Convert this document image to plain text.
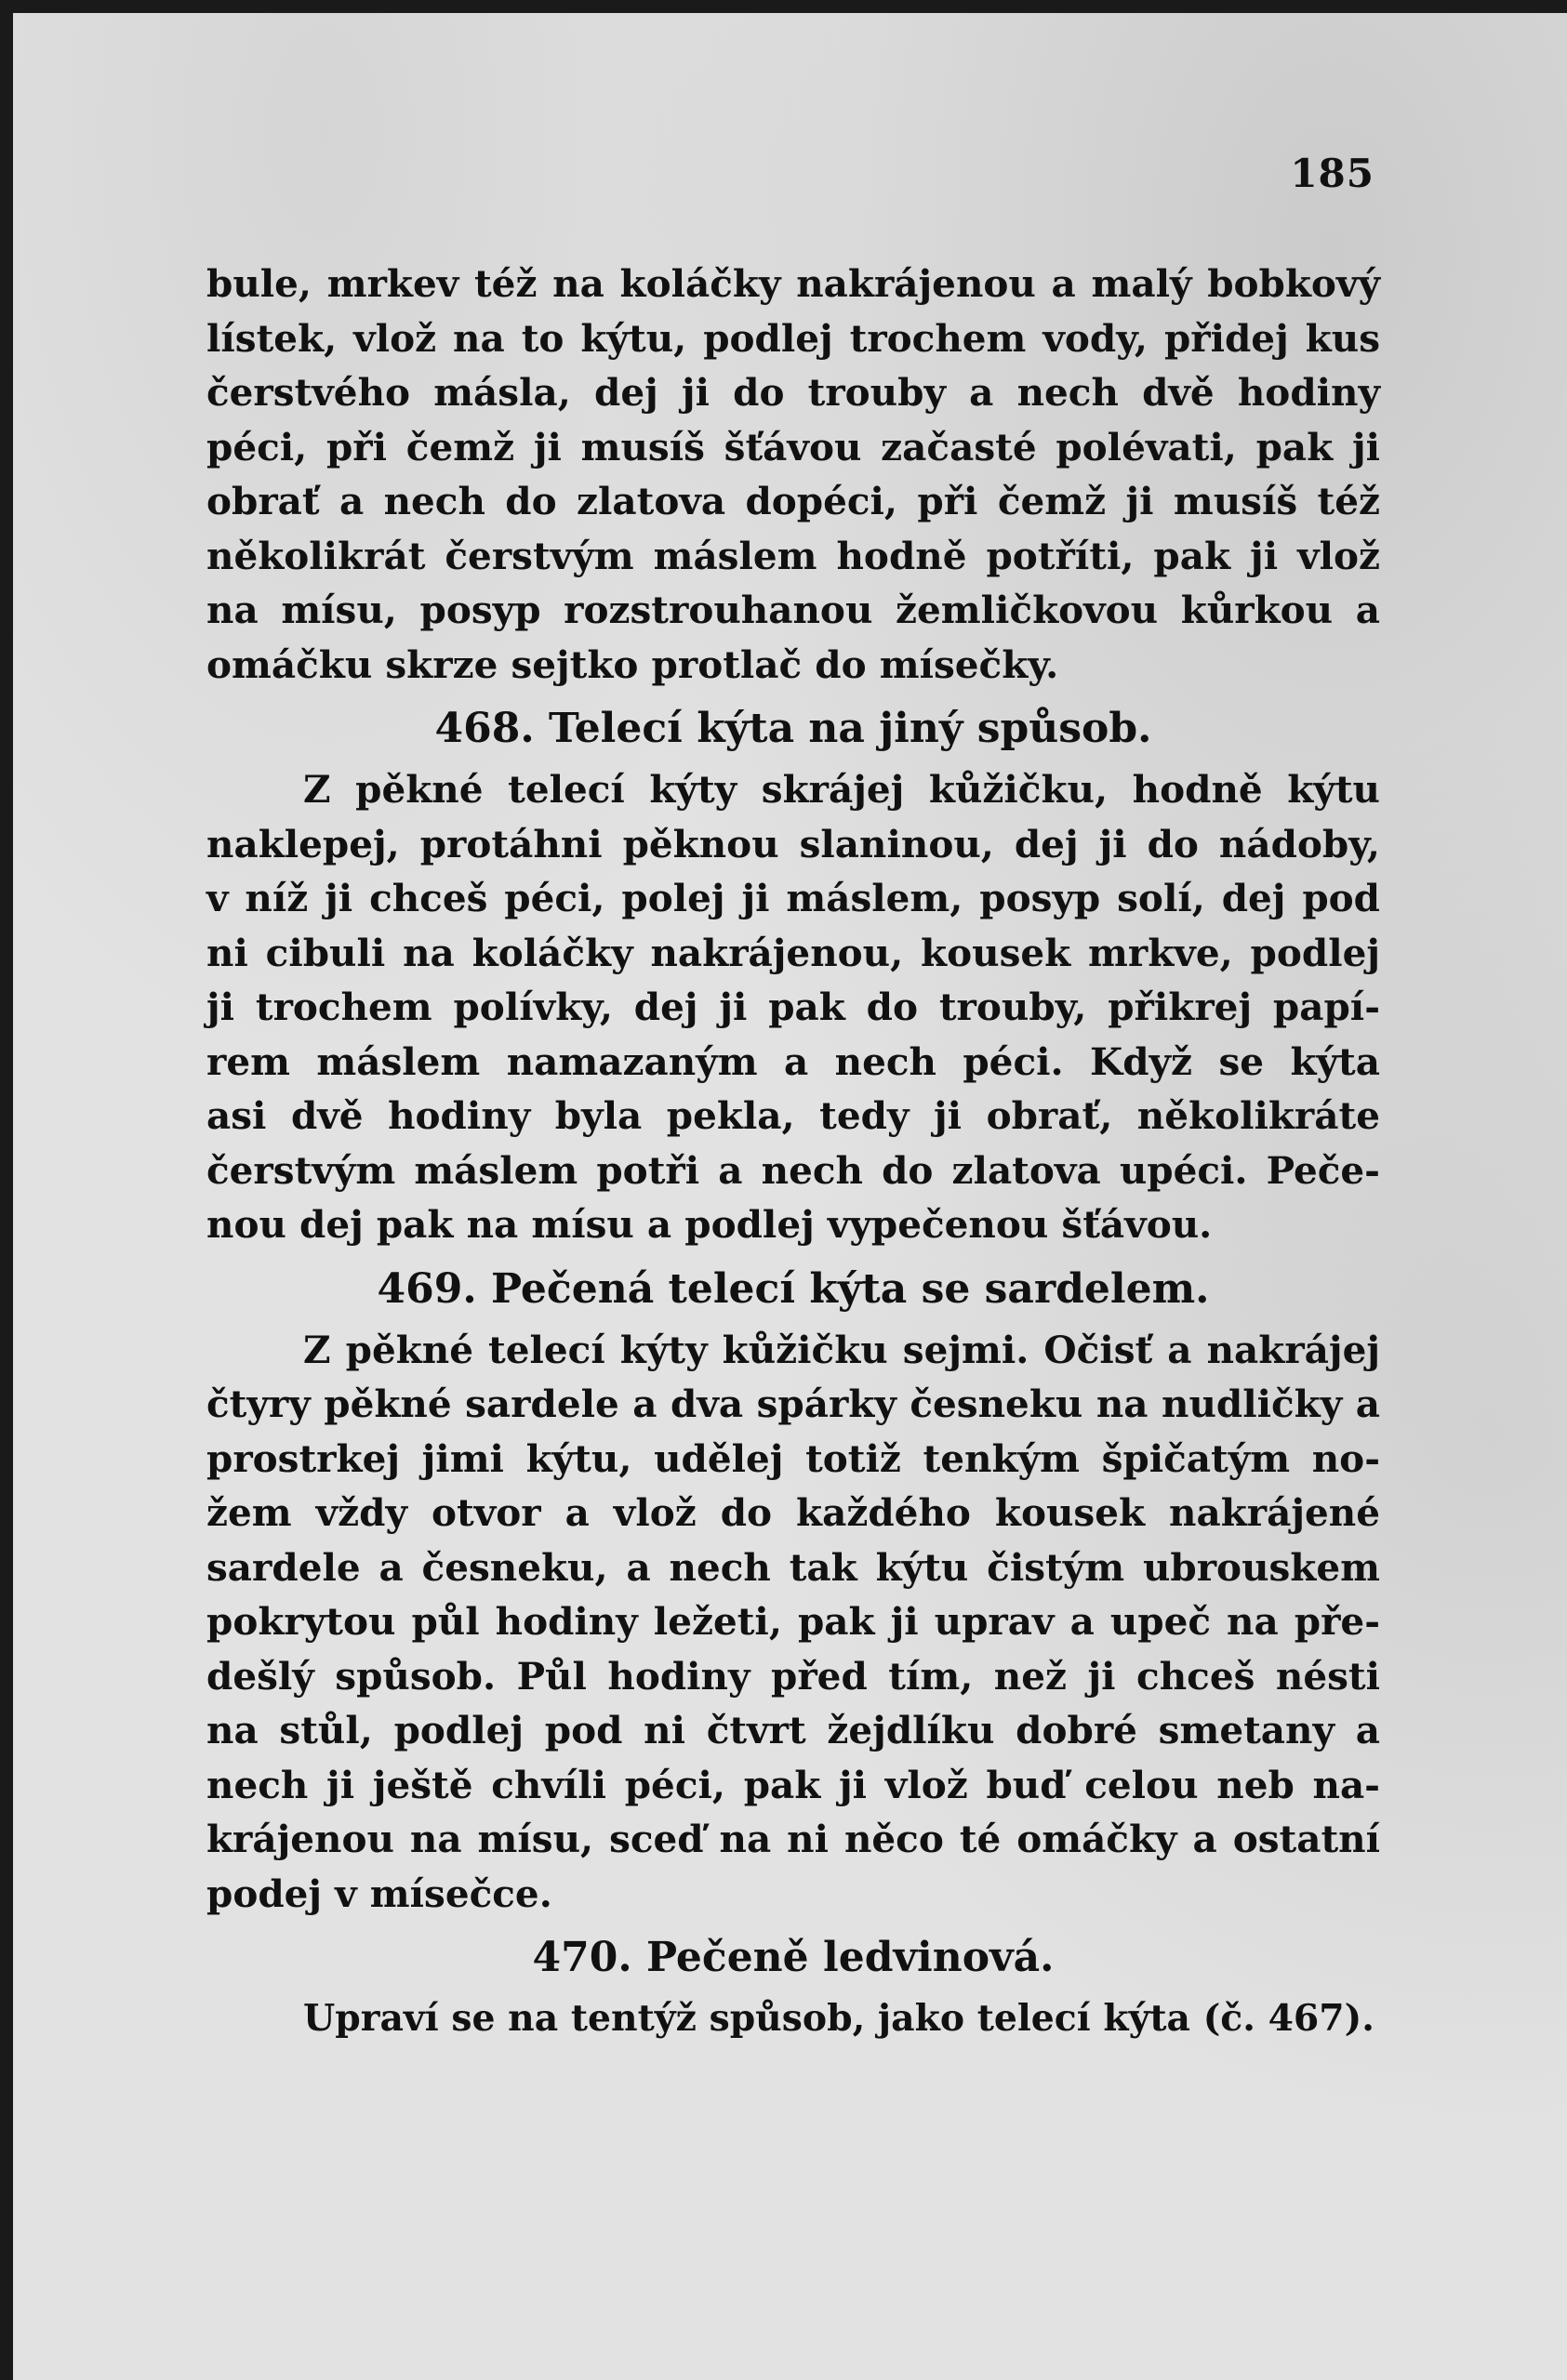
185
bule, mrkev též na koláčky nakrájenou a malý bobkový
lístek, vlož na to kýtu, podlej trochem vody, přidej kus
čerstvého másla, dej ji do trouby a nech dvě hodiny
péci, při čemž ji musíš šťávou začasté polévati, pak ji
obrať a nech do zlatova dopéci, při čemž ji musíš též
několikrát čerstvým máslem hodně potříti, pak ji vlož
na mísu, posyp rozstrouhanou žemličkovou kůrkou a
omáčku skrze sejtko protlač do mísečky.
468. Telecí kýta na jiný spůsob.
Z pěkné telecí kýty skrájej kůžičku, hodně kýtu
naklepej, protáhni pěknou slaninou, dej ji do nádoby,
v níž ji chceš péci, polej ji máslem, posyp solí, dej pod
ni cibuli na koláčky nakrájenou, kousek mrkve, podlej
ji trochem polívky, dej ji pak do trouby, přikrej papí-
rem máslem namazaným a nech péci. Když se kýta
asi dvě hodiny byla pekla, tedy ji obrať, několikráte
čerstvým máslem potři a nech do zlatova upéci. Peče-
nou dej pak na mísu a podlej vypečenou šťávou.
469. Pečená telecí kýta se sardelem.
Z pěkné telecí kýty kůžičku sejmi. Očisť a nakrájej
čtyry pěkné sardele a dva spárky česneku na nudličky a
prostrkej jimi kýtu, udělej totiž tenkým špičatým no-
žem vždy otvor a vlož do každého kousek nakrájené
sardele a česneku, a nech tak kýtu čistým ubrouskem
pokrytou půl hodiny ležeti, pak ji uprav a upeč na pře-
dešlý spůsob. Půl hodiny před tím, než ji chceš nésti
na stůl, podlej pod ni čtvrt žejdlíku dobré smetany a
nech ji ještě chvíli péci, pak ji vlož buď celou neb na-
krájenou na mísu, sceď na ni něco té omáčky a ostatní
podej v mísečce.
470. Pečeně ledvinová.
Upraví se na tentýž spůsob, jako telecí kýta (č. 467).
